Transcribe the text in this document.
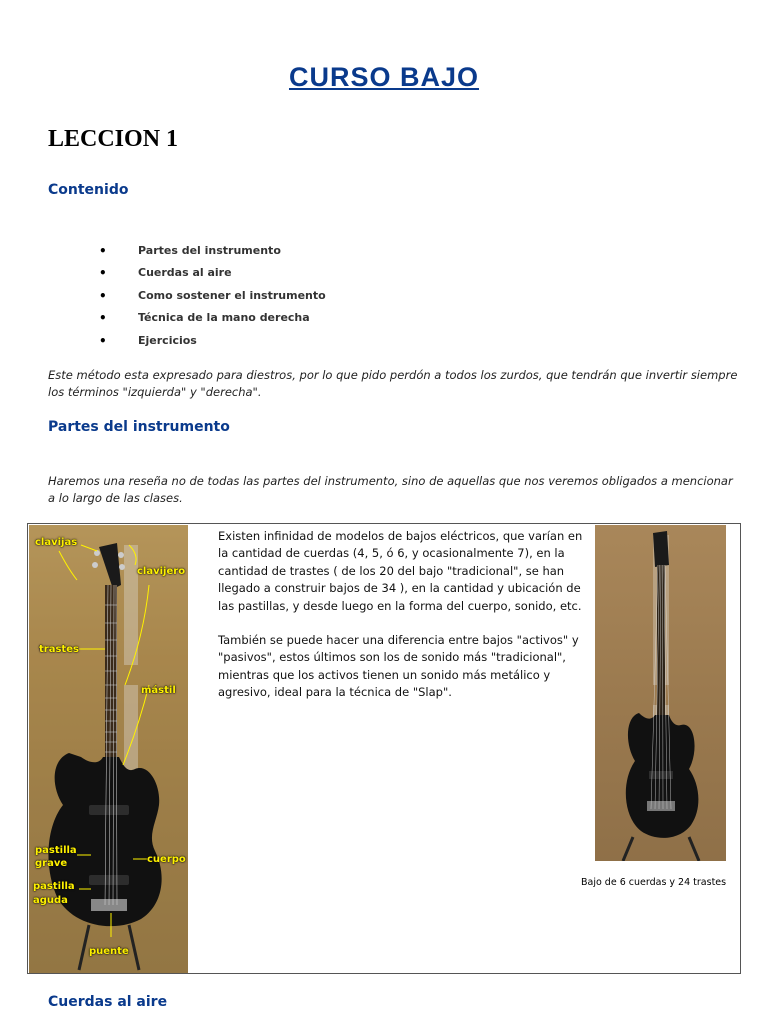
CURSO BAJO
LECCION 1
Contenido
•	Partes del instrumento
•	Cuerdas al aire
•	Como sostener el instrumento
•	Técnica de la mano derecha
•	Ejercicios

Este método esta expresado para diestros, por lo que pido perdón a todos los zurdos, que tendrán que invertir siempre los términos "izquierda" y "derecha".

Partes del instrumento

Haremos una reseña no de todas las partes del instrumento, sino de aquellas que nos veremos obligados a mencionar a lo largo de las clases.

clavijas
clavijero
trastes
mástil
pastilla
grave	cuerpo
pastilla
aguda
puente

Existen infinidad de modelos de bajos eléctricos, que varían en la cantidad de cuerdas (4, 5, ó 6, y ocasionalmente 7), en la cantidad de trastes ( de los 20 del bajo "tradicional", se han llegado a construir bajos de 34 ), en la cantidad y ubicación de las pastillas, y desde luego en la forma del cuerpo, sonido, etc.

También se puede hacer una diferencia entre bajos "activos" y "pasivos", estos últimos son los de sonido más "tradicional", mientras que los activos tienen un sonido más metálico y agresivo, ideal para la técnica de "Slap".

Bajo de 6 cuerdas y 24 trastes

Cuerdas al aire
